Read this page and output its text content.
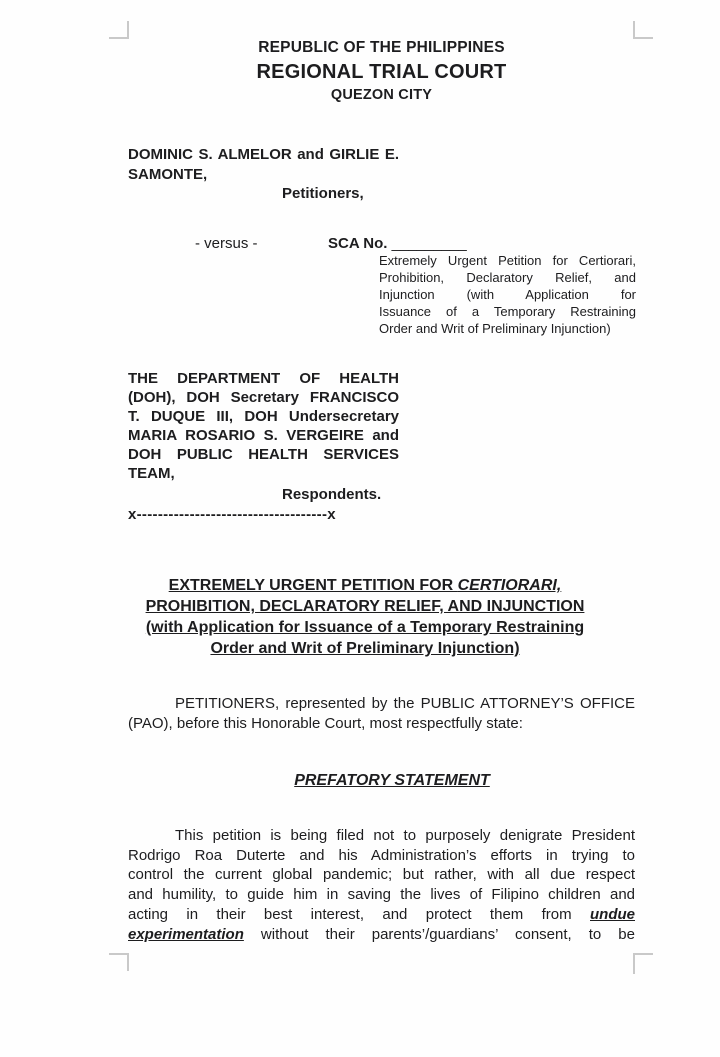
REPUBLIC OF THE PHILIPPINES
REGIONAL TRIAL COURT
QUEZON CITY
DOMINIC S. ALMELOR and GIRLIE E.
SAMONTE,
Petitioners,
- versus -	SCA No. _________
Extremely Urgent Petition for Certiorari,
Prohibition, Declaratory Relief, and
Injunction (with Application for
Issuance of a Temporary Restraining
Order and Writ of Preliminary Injunction)
THE DEPARTMENT OF HEALTH
(DOH), DOH Secretary FRANCISCO
T. DUQUE III, DOH Undersecretary
MARIA ROSARIO S. VERGEIRE and
DOH PUBLIC HEALTH SERVICES
TEAM,
Respondents.
x------------------------------------x
EXTREMELY URGENT PETITION FOR CERTIORARI,
PROHIBITION, DECLARATORY RELIEF, AND INJUNCTION
(with Application for Issuance of a Temporary Restraining
Order and Writ of Preliminary Injunction)
PETITIONERS, represented by the PUBLIC ATTORNEY’S OFFICE
(PAO), before this Honorable Court, most respectfully state:
PREFATORY STATEMENT
This petition is being filed not to purposely denigrate President
Rodrigo Roa Duterte and his Administration’s efforts in trying to
control the current global pandemic; but rather, with all due respect
and humility, to guide him in saving the lives of Filipino children and
acting in their best interest, and protect them from undue
experimentation without their parents’/guardians’ consent, to be
